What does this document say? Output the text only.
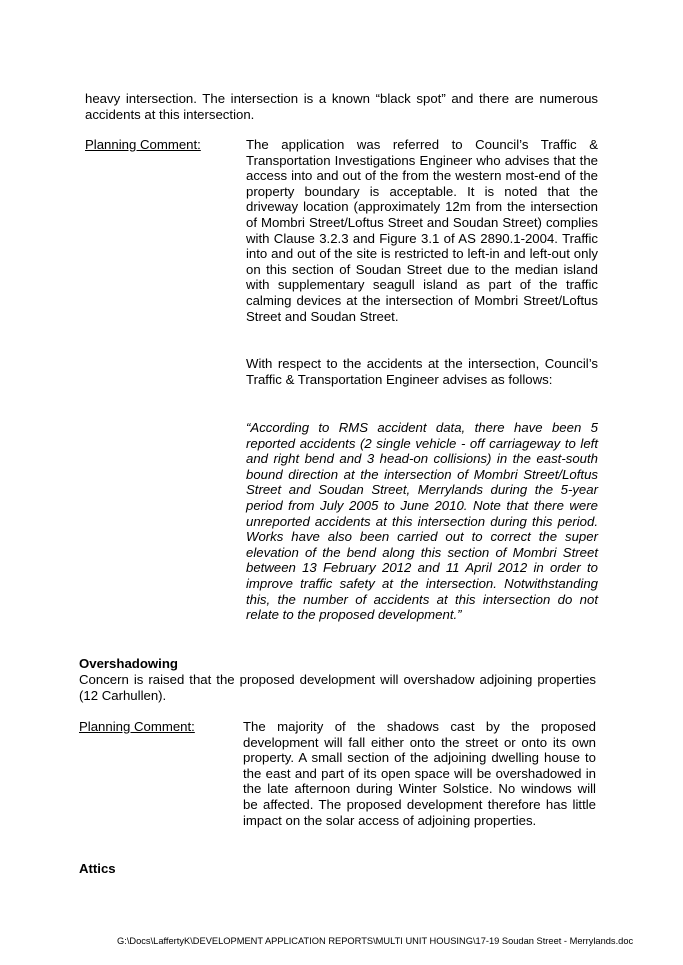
heavy intersection. The intersection is a known “black spot” and there are numerous accidents at this intersection.
Planning Comment:	The application was referred to Council’s Traffic & Transportation Investigations Engineer who advises that the access into and out of the from the western most-end of the property boundary is acceptable. It is noted that the driveway location (approximately 12m from the intersection of Mombri Street/Loftus Street and Soudan Street) complies with Clause 3.2.3 and Figure 3.1 of AS 2890.1-2004. Traffic into and out of the site is restricted to left-in and left-out only on this section of Soudan Street due to the median island with supplementary seagull island as part of the traffic calming devices at the intersection of Mombri Street/Loftus Street and Soudan Street.
With respect to the accidents at the intersection, Council’s Traffic & Transportation Engineer advises as follows:
“According to RMS accident data, there have been 5 reported accidents (2 single vehicle - off carriageway to left and right bend and 3 head-on collisions) in the east-south bound direction at the intersection of Mombri Street/Loftus Street and Soudan Street, Merrylands during the 5-year period from July 2005 to June 2010. Note that there were unreported accidents at this intersection during this period. Works have also been carried out to correct the super elevation of the bend along this section of Mombri Street between 13 February 2012 and 11 April 2012 in order to improve traffic safety at the intersection. Notwithstanding this, the number of accidents at this intersection do not relate to the proposed development.”
Overshadowing
Concern is raised that the proposed development will overshadow adjoining properties (12 Carhullen).
Planning Comment:	The majority of the shadows cast by the proposed development will fall either onto the street or onto its own property. A small section of the adjoining dwelling house to the east and part of its open space will be overshadowed in the late afternoon during Winter Solstice. No windows will be affected. The proposed development therefore has little impact on the solar access of adjoining properties.
Attics
G:\Docs\LaffertyK\DEVELOPMENT APPLICATION REPORTS\MULTI UNIT HOUSING\17-19 Soudan Street - Merrylands.doc
